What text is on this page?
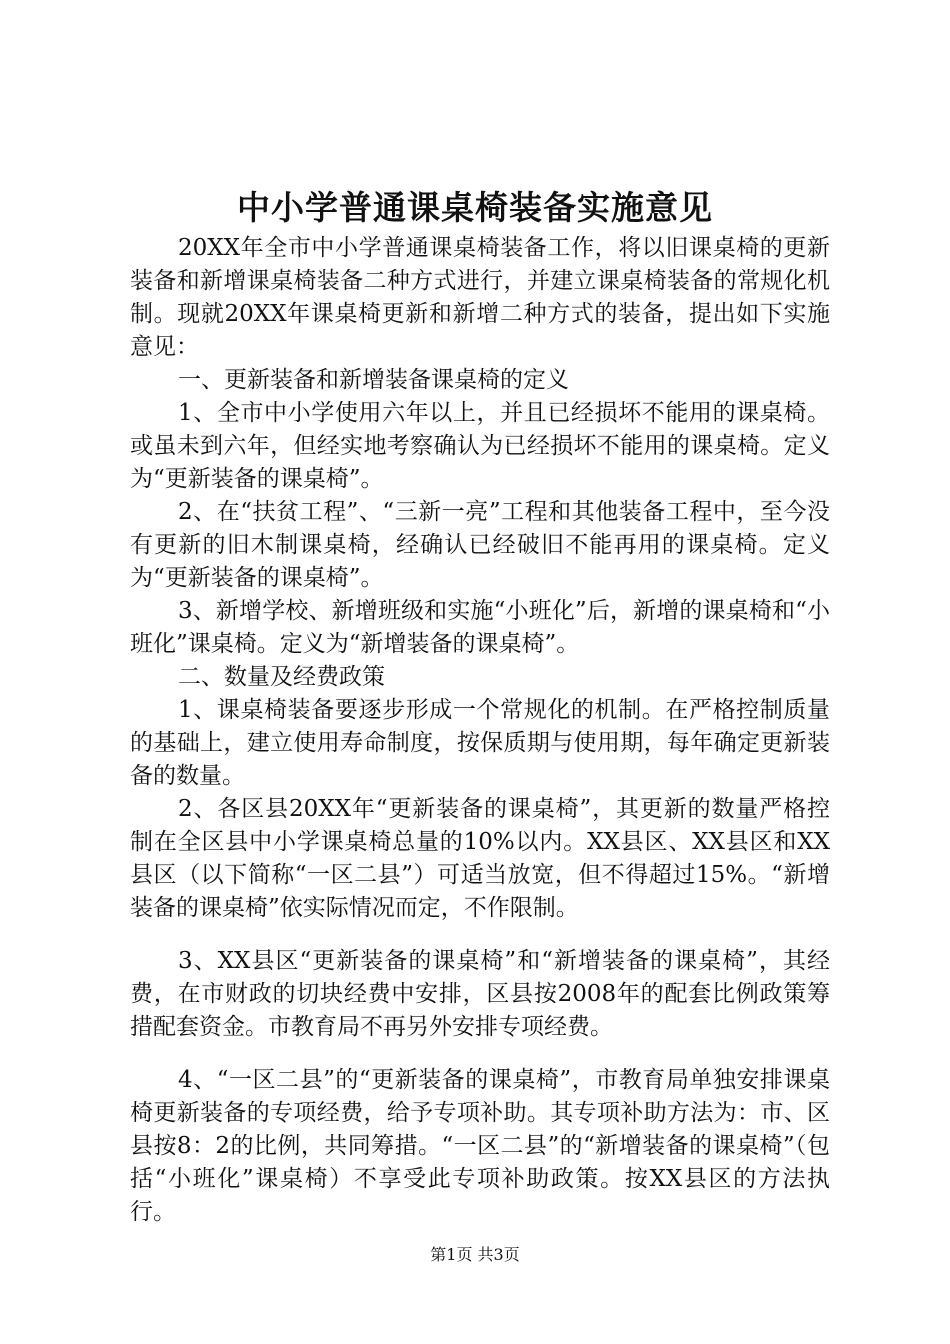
中小学普通课桌椅装备实施意见

20XX年全市中小学普通课桌椅装备工作，将以旧课桌椅的更新装备和新增课桌椅装备二种方式进行，并建立课桌椅装备的常规化机制。现就20XX年课桌椅更新和新增二种方式的装备，提出如下实施意见：

一、更新装备和新增装备课桌椅的定义

1、全市中小学使用六年以上，并且已经损坏不能用的课桌椅。或虽未到六年，但经实地考察确认为已经损坏不能用的课桌椅。定义为“更新装备的课桌椅”。

2、在“扶贫工程”、“三新一亮”工程和其他装备工程中，至今没有更新的旧木制课桌椅，经确认已经破旧不能再用的课桌椅。定义为“更新装备的课桌椅”。

3、新增学校、新增班级和实施“小班化”后，新增的课桌椅和“小班化”课桌椅。定义为“新增装备的课桌椅”。

二、数量及经费政策

1、课桌椅装备要逐步形成一个常规化的机制。在严格控制质量的基础上，建立使用寿命制度，按保质期与使用期，每年确定更新装备的数量。

2、各区县20XX年“更新装备的课桌椅”，其更新的数量严格控制在全区县中小学课桌椅总量的10%以内。XX县区、XX县区和XX县区（以下简称“一区二县”）可适当放宽，但不得超过15%。“新增装备的课桌椅”依实际情况而定，不作限制。

3、XX县区“更新装备的课桌椅”和“新增装备的课桌椅”，其经费，在市财政的切块经费中安排，区县按2008年的配套比例政策筹措配套资金。市教育局不再另外安排专项经费。

4、“一区二县”的“更新装备的课桌椅”，市教育局单独安排课桌椅更新装备的专项经费，给予专项补助。其专项补助方法为：市、区县按8：2的比例，共同筹措。“一区二县”的“新增装备的课桌椅”（包括“小班化”课桌椅）不享受此专项补助政策。按XX县区的方法执行。

第1页 共3页
